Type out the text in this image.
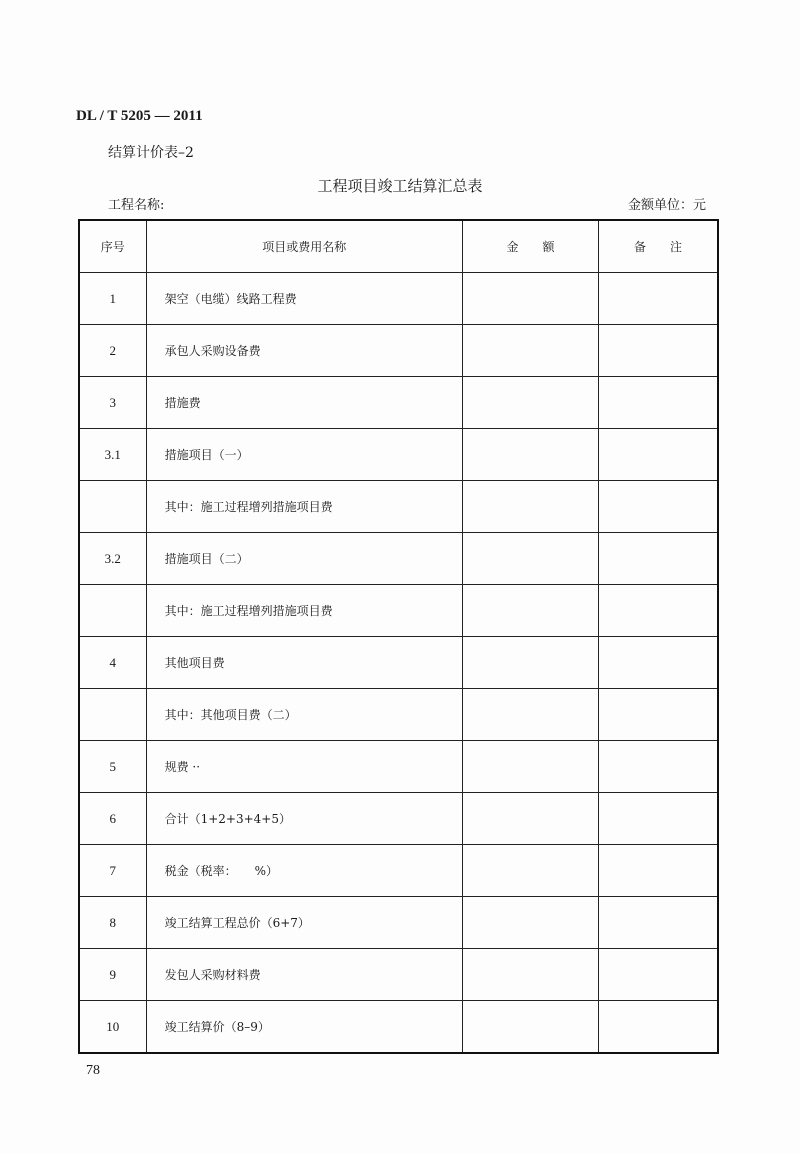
DL / T 5205 — 2011
结算计价表–2
工程项目竣工结算汇总表
工程名称:	金额单位：元
序号	项目或费用名称	金　　额	备　　注
1	架空（电缆）线路工程费		
2	承包人采购设备费		
3	措施费		
3.1	措施项目（一）		
	其中：施工过程增列措施项目费		
3.2	措施项目（二）		
	其中：施工过程增列措施项目费		
4	其他项目费		
	其中：其他项目费（二）		
5	规费 ··		
6	合计（1+2+3+4+5）		
7	税金（税率：　　%）		
8	竣工结算工程总价（6+7）		
9	发包人采购材料费		
10	竣工结算价（8–9）		
78
